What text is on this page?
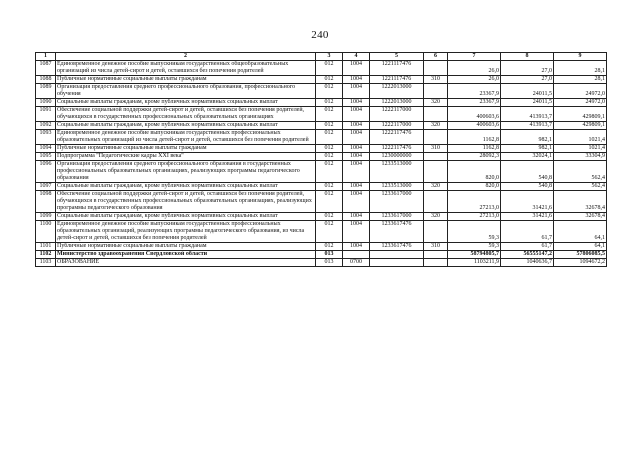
240
1	2	3	4	5	6	7	8	9
1087	Единовременное денежное пособие выпускникам государственных общеобразовательных организаций из числа детей-сирот и детей, оставшихся без попечения родителей	012	1004	1221117476		26,0	27,0	28,1
1088	Публичные нормативные социальные выплаты гражданам	012	1004	1221117476	310	26,0	27,0	28,1
1089	Организация предоставления среднего профессионального образования, профессионального обучения	012	1004	1222013000		23367,9	24011,5	24972,0
1090	Социальные выплаты гражданам, кроме публичных нормативных социальных выплат	012	1004	1222013000	320	23367,9	24011,5	24972,0
1091	Обеспечение социальной поддержки детей-сирот и детей, оставшихся без попечения родителей, обучающихся в государственных профессиональных образовательных организациях	012	1004	1222117000		400603,6	413913,7	429809,1
1092	Социальные выплаты гражданам, кроме публичных нормативных социальных выплат	012	1004	1222117000	320	400603,6	413913,7	429809,1
1093	Единовременное денежное пособие выпускникам государственных профессиональных образовательных организаций из числа детей-сирот и детей, оставшихся без попечения родителей	012	1004	1222117476		1162,8	982,1	1021,4
1094	Публичные нормативные социальные выплаты гражданам	012	1004	1222117476	310	1162,8	982,1	1021,4
1095	Подпрограмма "Педагогические кадры XXI века"	012	1004	1230000000		28092,3	32024,1	33304,9
1096	Организация предоставления среднего профессионального образования в государственных профессиональных образовательных организациях, реализующих программы педагогического образования	012	1004	1233513000		820,0	540,8	562,4
1097	Социальные выплаты гражданам, кроме публичных нормативных социальных выплат	012	1004	1233513000	320	820,0	540,8	562,4
1098	Обеспечение социальной поддержки детей-сирот и детей, оставшихся без попечения родителей, обучающихся в государственных профессиональных образовательных организациях, реализующих программы педагогического образования	012	1004	1233617000		27213,0	31421,6	32678,4
1099	Социальные выплаты гражданам, кроме публичных нормативных социальных выплат	012	1004	1233617000	320	27213,0	31421,6	32678,4
1100	Единовременное денежное пособие выпускникам государственных профессиональных образовательных организаций, реализующих программы педагогического образования, из числа детей-сирот и детей, оставшихся без попечения родителей	012	1004	1233617476		59,3	61,7	64,1
1101	Публичные нормативные социальные выплаты гражданам	012	1004	1233617476	310	59,3	61,7	64,1
1102	Министерство здравоохранения Свердловской области	013				58794805,7	56555147,2	57806085,5
1103	ОБРАЗОВАНИЕ	013	0700			1103211,9	1040636,7	1094672,2
